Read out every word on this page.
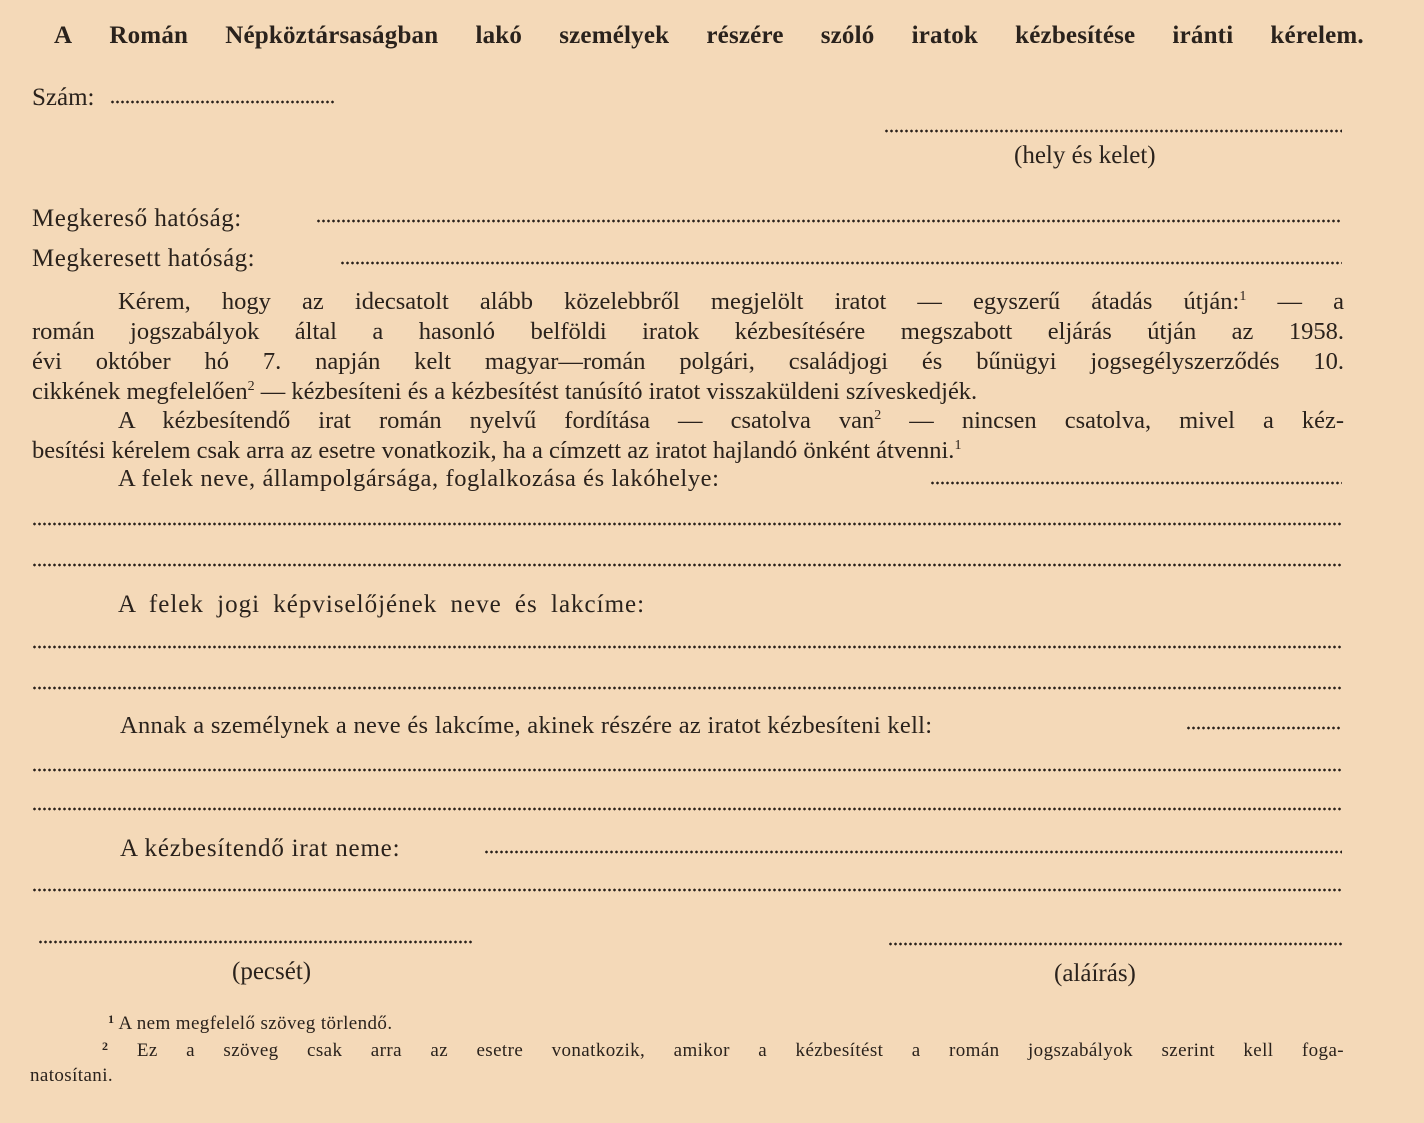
A Román Népköztársaságban lakó személyek részére szóló iratok kézbesítése iránti kérelem.
Szám:
(hely és kelet)
Megkereső hatóság:
Megkeresett hatóság:
Kérem, hogy az idecsatolt alább közelebbről megjelölt iratot — egyszerű átadás útján:$^1$ — a
román jogszabályok által a hasonló belföldi iratok kézbesítésére megszabott eljárás útján az 1958.
évi október hó 7. napján kelt magyar—román polgári, családjogi és bűnügyi jogsegélyszerződés 10.
cikkének megfelelően$^2$ — kézbesíteni és a kézbesítést tanúsító iratot visszaküldeni szíveskedjék.
A kézbesítendő irat román nyelvű fordítása — csatolva van$^2$ — nincsen csatolva, mivel a kéz-
besítési kérelem csak arra az esetre vonatkozik, ha a címzett az iratot hajlandó önként átvenni.$^1$
A felek neve, állampolgársága, foglalkozása és lakóhelye:
A felek jogi képviselőjének neve és lakcíme:
Annak a személynek a neve és lakcíme, akinek részére az iratot kézbesíteni kell:
A kézbesítendő irat neme:
(pecsét)	(aláírás)
$^1$ A nem megfelelő szöveg törlendő.
$^2$ Ez a szöveg csak arra az esetre vonatkozik, amikor a kézbesítést a román jogszabályok szerint kell foga-
natosítani.
